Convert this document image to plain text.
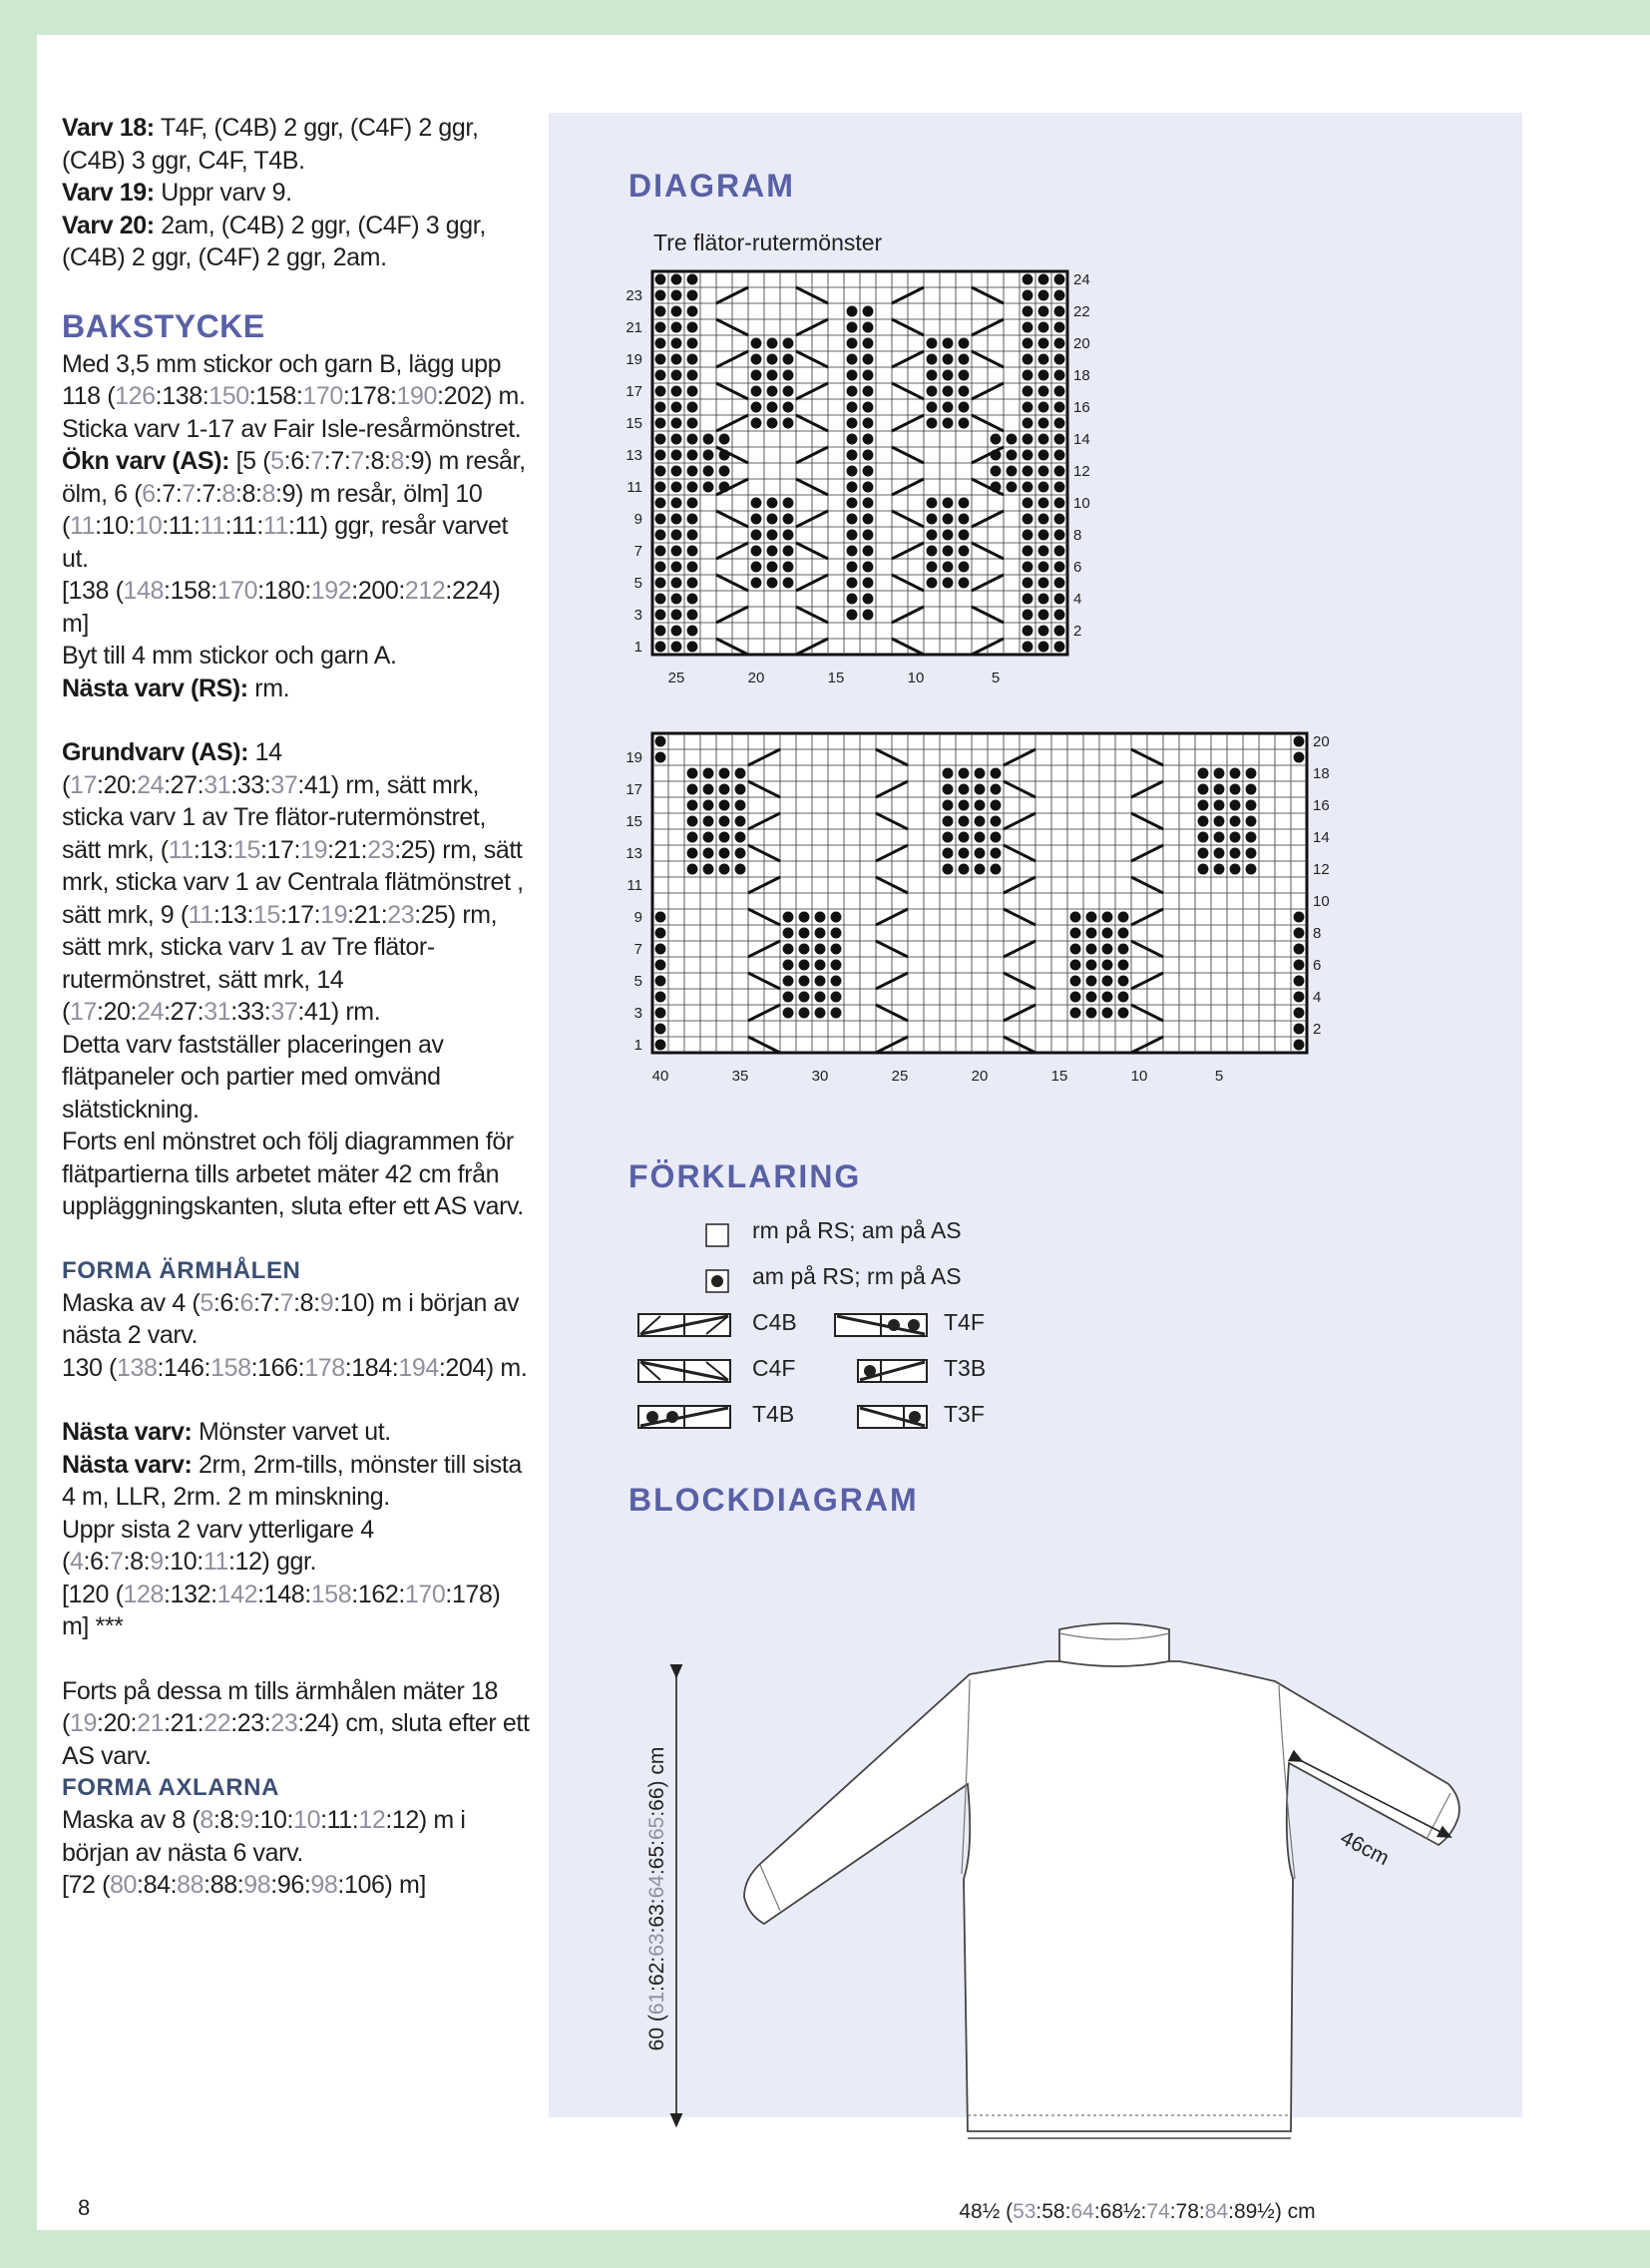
Varv 18: T4F, (C4B) 2 ggr, (C4F) 2 ggr, (C4B) 3 ggr, C4F, T4B.

Varv 19: Uppr varv 9.

Varv 20: 2am, (C4B) 2 ggr, (C4F) 3 ggr, (C4B) 2 ggr, (C4F) 2 ggr, 2am.

BAKSTYCKE

Med 3,5 mm stickor och garn B, lägg upp 118 (126:138:150:158:170:178:190:202) m.

Sticka varv 1-17 av Fair Isle-resårmönstret.

Ökn varv (AS): [5 (5:6:7:7:7:8:8:9) m resår, ölm, 6 (6:7:7:7:8:8:8:9) m resår, ölm] 10 (11:10:10:11:11:11:11:11) ggr, resår varvet ut.

[138 (148:158:170:180:192:200:212:224) m]

Byt till 4 mm stickor och garn A.

Nästa varv (RS): rm.

Grundvarv (AS): 14 (17:20:24:27:31:33:37:41) rm, sätt mrk, sticka varv 1 av Tre flätor-rutermönstret, sätt mrk, (11:13:15:17:19:21:23:25) rm, sätt mrk, sticka varv 1 av Centrala flätmönstret , sätt mrk, 9 (11:13:15:17:19:21:23:25) rm, sätt mrk, sticka varv 1 av Tre flätor-rutermönstret, sätt mrk, 14 (17:20:24:27:31:33:37:41) rm.

Detta varv fastställer placeringen av flätpaneler och partier med omvänd slätstickning.

Forts enl mönstret och följ diagrammen för flätpartierna tills arbetet mäter 42 cm från uppläggningskanten, sluta efter ett AS varv.

FORMA ÄRMHÅLEN

Maska av 4 (5:6:6:7:7:8:9:10) m i början av nästa 2 varv.

130 (138:146:158:166:178:184:194:204) m.

Nästa varv: Mönster varvet ut.

Nästa varv: 2rm, 2rm-tills, mönster till sista 4 m, LLR, 2rm. 2 m minskning.

Uppr sista 2 varv ytterligare 4 (4:6:7:8:9:10:11:12) ggr.

[120 (128:132:142:148:158:162:170:178) m] ***

Forts på dessa m tills ärmhålen mäter 18 (19:20:21:21:22:23:23:24) cm, sluta efter ett AS varv.

FORMA AXLARNA

Maska av 8 (8:8:9:10:10:11:12:12) m i början av nästa 6 varv.

[72 (80:84:88:88:98:96:98:106) m]

DIAGRAM
Tre flätor-rutermönster
23
21
19
17
15
13
11
9
7
5
3
1
24
22
20
18
16
14
12
10
8
6
4
2
25	20	15	10	5
19
17
15
13
11
9
7
5
3
1
20
18
16
14
12
10
8
6
4
2
40	35	30	25	20	15	10	5
FÖRKLARING
rm på RS; am på AS
am på RS; rm på AS
C4B
C4F
T4B
T4F
T3B
T3F
BLOCKDIAGRAM
60 (61:62:63:63:64:65:65:66) cm
48½ (53:58:64:68½:74:78:84:89½) cm
46cm
8
